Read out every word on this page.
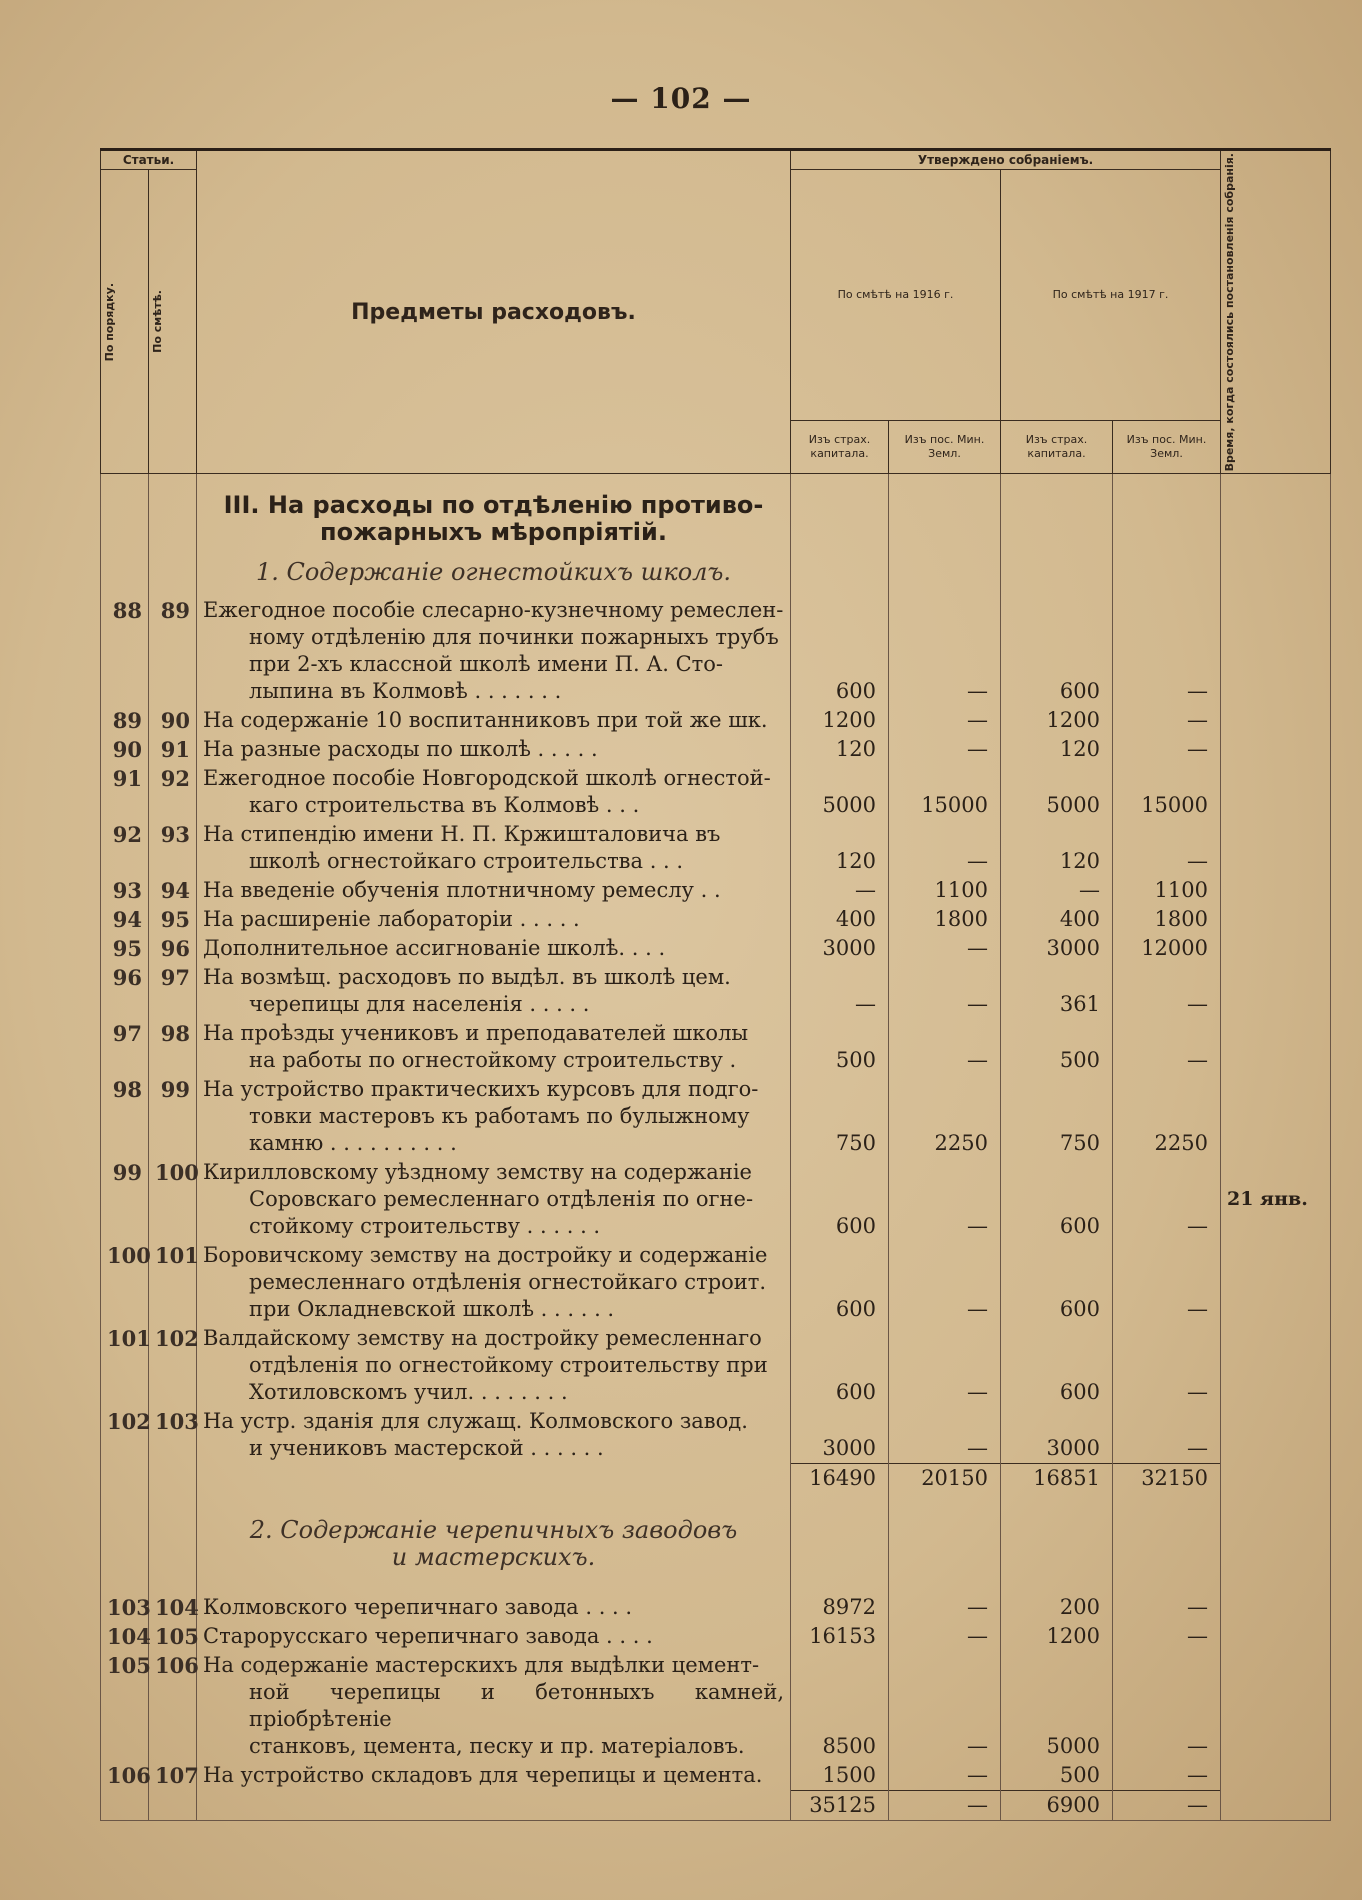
— 102 —
Статьи.		Предметы расходовъ.	Утверждено собраніемъ.				Время, когда состоялись постановленія собранія.

По порядку.	По смѣтѣ.		По смѣтѣ на 1916 г.		По смѣтѣ на 1917 г.		
			Изъ страх. капитала.	Изъ пос. Мин. Земл.	Изъ страх. капитала.	Изъ пос. Мин. Земл.	
		III. На расходы по отдѣленію противо-пожарныхъ мѣропріятій.					
		1. Содержаніе огнестойкихъ школъ.					
88	89	Ежегодное пособіе слесарно-кузнечному ремеслен-
ному отдѣленію для починки пожарныхъ трубъ
при 2-хъ классной школѣ имени П. А. Сто-
лыпина въ Колмовѣ . . . . . . .	600	—	600	—	
89	90	На содержаніе 10 воспитанниковъ при той же шк.	1200	—	1200	—	
90	91	На разные расходы по школѣ . . . . .	120	—	120	—	
91	92	Ежегодное пособіе Новгородской школѣ огнестой-
каго строительства въ Колмовѣ . . .	5000	15000	5000	15000	
92	93	На стипендію имени Н. П. Кржишталовича въ
школѣ огнестойкаго строительства . . .	120	—	120	—	
93	94	На введеніе обученія плотничному ремеслу . .	—	1100	—	1100	
94	95	На расширеніе лабораторіи . . . . .	400	1800	400	1800	
95	96	Дополнительное ассигнованіе школѣ. . . .	3000	—	3000	12000	
96	97	На возмѣщ. расходовъ по выдѣл. въ школѣ цем.
черепицы для населенія . . . . .	—	—	361	—	
97	98	На проѣзды учениковъ и преподавателей школы
на работы по огнестойкому строительству .	500	—	500	—	
98	99	На устройство практическихъ курсовъ для подго-
товки мастеровъ къ работамъ по булыжному
камню . . . . . . . . . .	750	2250	750	2250	
99	100	Кирилловскому уѣздному земству на содержаніе
Соровскаго ремесленнаго отдѣленія по огне-
стойкому строительству . . . . . .	600	—	600	—	21 янв.
100	101	Боровичскому земству на достройку и содержаніе
ремесленнаго отдѣленія огнестойкаго строит.
при Окладневской школѣ . . . . . .	600	—	600	—	
101	102	Валдайскому земству на достройку ремесленнаго
отдѣленія по огнестойкому строительству при
Хотиловскомъ учил. . . . . . . .	600	—	600	—	
102	103	На устр. зданія для служащ. Колмовского завод.
и учениковъ мастерской . . . . . .	3000	—	3000	—	
			16490	20150	16851	32150	

		2. Содержаніе черепичныхъ заводовъ
и мастерскихъ.					

103	104	Колмовского черепичнаго завода . . . .	8972	—	200	—	
104	105	Старорусскаго черепичнаго завода . . . .	16153	—	1200	—	
105	106	На содержаніе мастерскихъ для выдѣлки цемент-
ной черепицы и бетонныхъ камней, пріобрѣтеніе
станковъ, цемента, песку и пр. матеріаловъ.	8500	—	5000	—	
106	107	На устройство складовъ для черепицы и цемента.	1500	—	500	—	
			35125	—	6900	—	
